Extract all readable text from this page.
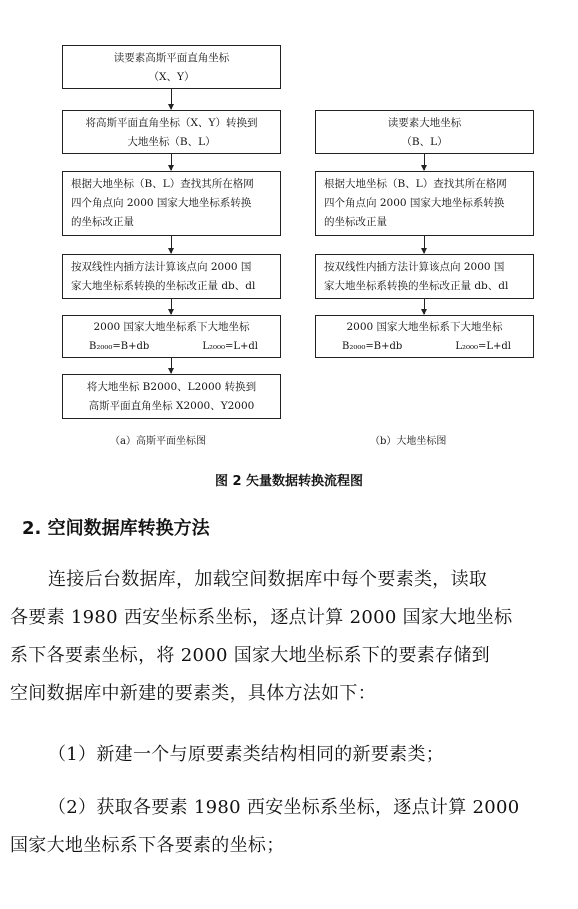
读要素高斯平面直角坐标
（X、Y）
将高斯平面直角坐标（X、Y）转换到
大地坐标（B、L）
根据大地坐标（B、L）查找其所在格网
四个角点向 2000 国家大地坐标系转换
的坐标改正量
按双线性内插方法计算该点向 2000 国
家大地坐标系转换的坐标改正量 db、dl
2000 国家大地坐标系下大地坐标
B₂₀₀₀=B+db	L₂₀₀₀=L+dl
将大地坐标 B2000、L2000 转换到
高斯平面直角坐标 X2000、Y2000
读要素大地坐标
（B、L）
根据大地坐标（B、L）查找其所在格网
四个角点向 2000 国家大地坐标系转换
的坐标改正量
按双线性内插方法计算该点向 2000 国
家大地坐标系转换的坐标改正量 db、dl
2000 国家大地坐标系下大地坐标
B₂₀₀₀=B+db	L₂₀₀₀=L+dl
（a）高斯平面坐标图	（b）大地坐标图
图 2 矢量数据转换流程图
2. 空间数据库转换方法
连接后台数据库，加载空间数据库中每个要素类，读取
各要素 1980 西安坐标系坐标，逐点计算 2000 国家大地坐标
系下各要素坐标，将 2000 国家大地坐标系下的要素存储到
空间数据库中新建的要素类，具体方法如下：
（1）新建一个与原要素类结构相同的新要素类；
（2）获取各要素 1980 西安坐标系坐标，逐点计算 2000
国家大地坐标系下各要素的坐标；
